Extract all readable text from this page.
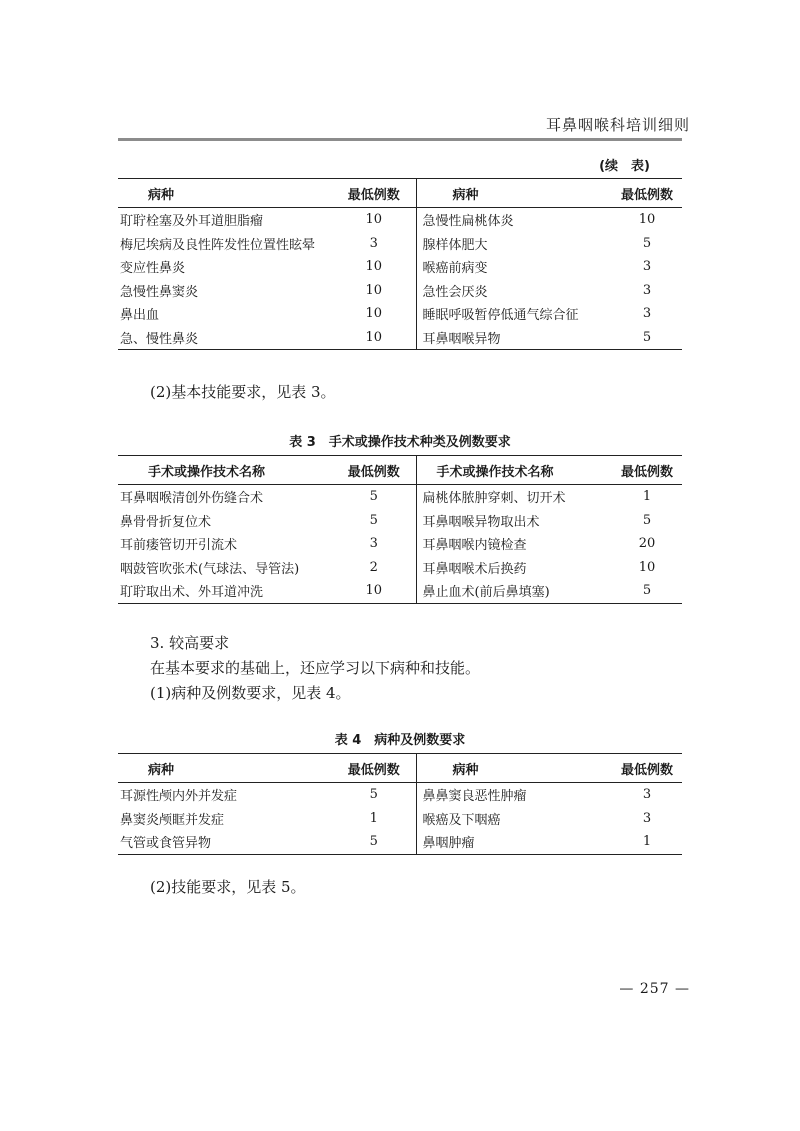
耳鼻咽喉科培训细则
(续　表)
病种	最低例数	病种	最低例数
耵聍栓塞及外耳道胆脂瘤	10	急慢性扁桃体炎	10
梅尼埃病及良性阵发性位置性眩晕	3	腺样体肥大	5
变应性鼻炎	10	喉癌前病变	3
急慢性鼻窦炎	10	急性会厌炎	3
鼻出血	10	睡眠呼吸暂停低通气综合征	3
急、慢性鼻炎	10	耳鼻咽喉异物	5
(2)基本技能要求，见表 3。
表 3　手术或操作技术种类及例数要求
手术或操作技术名称	最低例数	手术或操作技术名称	最低例数
耳鼻咽喉清创外伤缝合术	5	扁桃体脓肿穿刺、切开术	1
鼻骨骨折复位术	5	耳鼻咽喉异物取出术	5
耳前瘘管切开引流术	3	耳鼻咽喉内镜检查	20
咽鼓管吹张术(气球法、导管法)	2	耳鼻咽喉术后换药	10
耵聍取出术、外耳道冲洗	10	鼻止血术(前后鼻填塞)	5
3. 较高要求
在基本要求的基础上，还应学习以下病种和技能。
(1)病种及例数要求，见表 4。
表 4　病种及例数要求
病种	最低例数	病种	最低例数
耳源性颅内外并发症	5	鼻鼻窦良恶性肿瘤	3
鼻窦炎颅眶并发症	1	喉癌及下咽癌	3
气管或食管异物	5	鼻咽肿瘤	1
(2)技能要求，见表 5。
— 257 —
